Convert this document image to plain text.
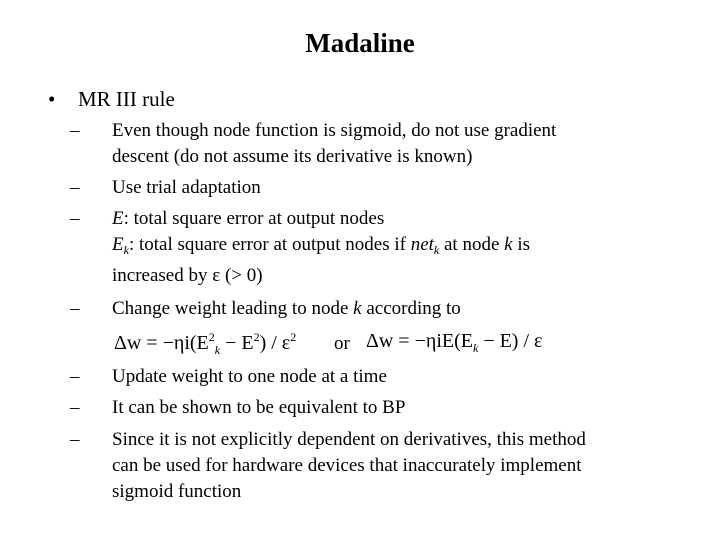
Madaline
• MR III rule
–	Even though node function is sigmoid, do not use gradient
descent (do not assume its derivative is known)
–	Use trial adaptation
–	E: total square error at output nodes
$E_k$: total square error at output nodes if net$_k$ at node k is
increased by ε (> 0)
–	Change weight leading to node k according to
$\Delta w = -\eta i(E^2_k - E^2) / \varepsilon^2$ or $\Delta w = -\eta iE(E_k - E) / \varepsilon$
–	Update weight to one node at a time
–	It can be shown to be equivalent to BP
–	Since it is not explicitly dependent on derivatives, this method
can be used for hardware devices that inaccurately implement
sigmoid function
